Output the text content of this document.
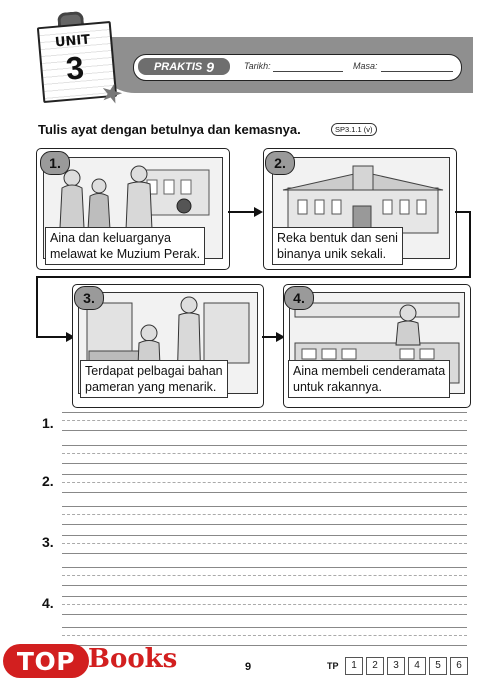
PRAKTIS 9	Tarikh:	Masa:
UNIT
3
★
Tulis ayat dengan betulnya dan kemasnya.	SP3.1.1 (v)
1.
Aina dan keluarganya
melawat ke Muzium Perak.
2.
Reka bentuk dan seni
binanya unik sekali.
3.
Terdapat pelbagai bahan
pameran yang menarik.
4.
Aina membeli cenderamata
untuk rakannya.
1.
2.
3.
4.
TOP Books	9	TP	1	2	3	4	5	6
